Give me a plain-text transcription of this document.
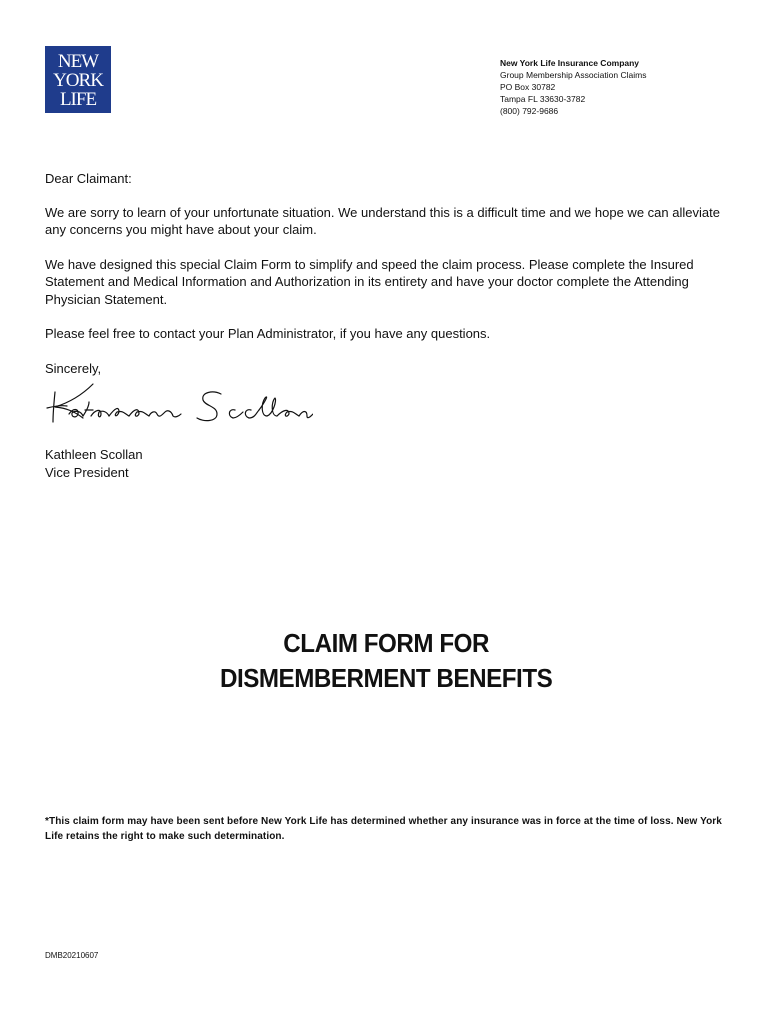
NEW
YORK
LIFE
New York Life Insurance Company
Group Membership Association Claims
PO Box 30782
Tampa FL 33630-3782
(800) 792-9686

Dear Claimant:

We are sorry to learn of your unfortunate situation. We understand this is a difficult time and we hope we can alleviate any concerns you might have about your claim.

We have designed this special Claim Form to simplify and speed the claim process. Please complete the Insured Statement and Medical Information and Authorization in its entirety and have your doctor complete the Attending Physician Statement.

Please feel free to contact your Plan Administrator, if you have any questions.

Sincerely,

Kathleen Scollan
Vice President
CLAIM FORM FOR
DISMEMBERMENT BENEFITS
*This claim form may have been sent before New York Life has determined whether any insurance was in force at the time of loss. New York Life retains the right to make such determination.
DMB20210607
